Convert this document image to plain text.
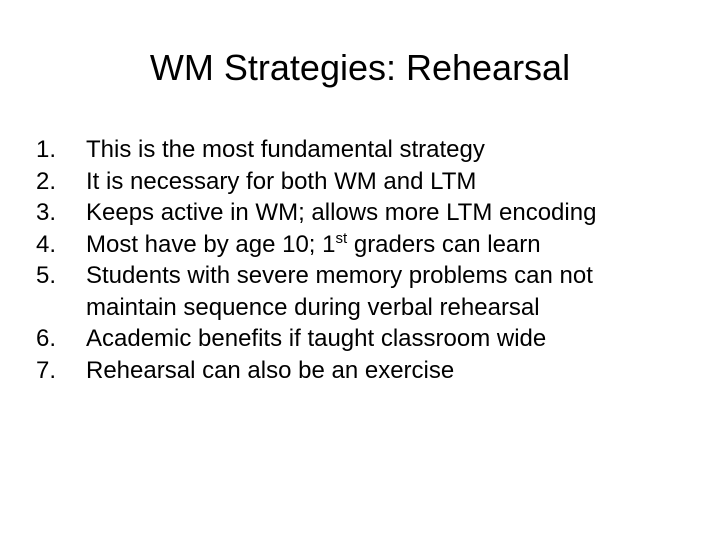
WM Strategies: Rehearsal
1.	This is the most fundamental strategy
2.	It is necessary for both WM and LTM
3.	Keeps active in WM; allows more LTM encoding
4.	Most have by age 10; 1st graders can learn
5.	Students with severe memory problems can not
maintain sequence during verbal rehearsal
6.	Academic benefits if taught classroom wide
7.	Rehearsal can also be an exercise
